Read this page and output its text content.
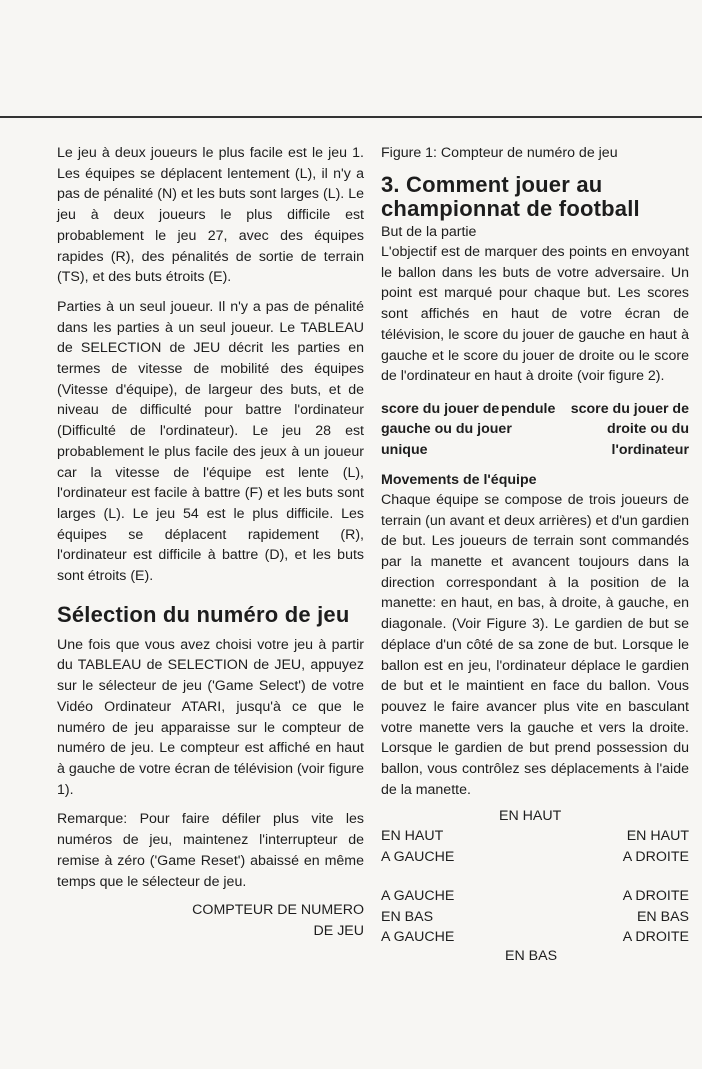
Le jeu à deux joueurs le plus facile est le jeu 1. Les équipes se déplacent lentement (L), il n'y a pas de pénalité (N) et les buts sont larges (L). Le jeu à deux joueurs le plus difficile est probablement le jeu 27, avec des équipes rapides (R), des pénalités de sortie de terrain (TS), et des buts étroits (E).

Parties à un seul joueur. Il n'y a pas de pénalité dans les parties à un seul joueur. Le TABLEAU de SELECTION de JEU décrit les parties en termes de vitesse de mobilité des équipes (Vitesse d'équipe), de largeur des buts, et de niveau de difficulté pour battre l'ordinateur (Difficulté de l'ordinateur). Le jeu 28 est probablement le plus facile des jeux à un joueur car la vitesse de l'équipe est lente (L), l'ordinateur est facile à battre (F) et les buts sont larges (L). Le jeu 54 est le plus difficile. Les équipes se déplacent rapidement (R), l'ordinateur est difficile à battre (D), et les buts sont étroits (E).

Sélection du numéro de jeu

Une fois que vous avez choisi votre jeu à partir du TABLEAU de SELECTION de JEU, appuyez sur le sélecteur de jeu ('Game Select') de votre Vidéo Ordinateur ATARI, jusqu'à ce que le numéro de jeu apparaisse sur le compteur de numéro de jeu. Le compteur est affiché en haut à gauche de votre écran de télévision (voir figure 1).

Remarque: Pour faire défiler plus vite les numéros de jeu, maintenez l'interrupteur de remise à zéro ('Game Reset') abaissé en même temps que le sélecteur de jeu.

COMPTEUR DE NUMERO
DE JEU
Figure 1: Compteur de numéro de jeu
3. Comment jouer au championnat de football
But de la partie

L'objectif est de marquer des points en envoyant le ballon dans les buts de votre adversaire. Un point est marqué pour chaque but. Les scores sont affichés en haut de votre écran de télévision, le score du jouer de gauche en haut à gauche et le score du jouer de droite ou le score de l'ordinateur en haut à droite (voir figure 2).

score du jouer de gauche ou du jouer unique
pendule	score du jouer de droite ou du l'ordinateur
Movements de l'équipe

Chaque équipe se compose de trois joueurs de terrain (un avant et deux arrières) et d'un gardien de but. Les joueurs de terrain sont commandés par la manette et avancent toujours dans la direction correspondant à la position de la manette: en haut, en bas, à droite, à gauche, en diagonale. (Voir Figure 3). Le gardien de but se déplace d'un côté de sa zone de but. Lorsque le ballon est en jeu, l'ordinateur déplace le gardien de but et le maintient en face du ballon. Vous pouvez le faire avancer plus vite en basculant votre manette vers la gauche et vers la droite. Lorsque le gardien de but prend possession du ballon, vous contrôlez ses déplacements à l'aide de la manette.

EN HAUT
EN HAUT
A GAUCHE
EN HAUT
A DROITE
A GAUCHE
EN BAS
A GAUCHE
A DROITE
EN BAS
A DROITE
EN BAS
